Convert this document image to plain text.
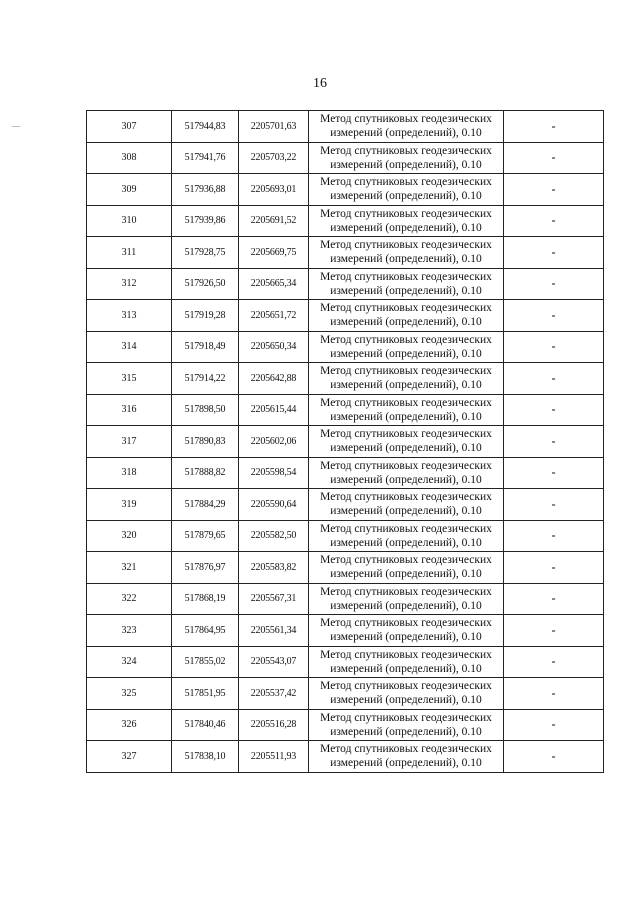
16
307	517944,83	2205701,63	Метод спутниковых геодезических
измерений (определений), 0.10	-
308	517941,76	2205703,22	Метод спутниковых геодезических
измерений (определений), 0.10	-
309	517936,88	2205693,01	Метод спутниковых геодезических
измерений (определений), 0.10	-
310	517939,86	2205691,52	Метод спутниковых геодезических
измерений (определений), 0.10	-
311	517928,75	2205669,75	Метод спутниковых геодезических
измерений (определений), 0.10	-
312	517926,50	2205665,34	Метод спутниковых геодезических
измерений (определений), 0.10	-
313	517919,28	2205651,72	Метод спутниковых геодезических
измерений (определений), 0.10	-
314	517918,49	2205650,34	Метод спутниковых геодезических
измерений (определений), 0.10	-
315	517914,22	2205642,88	Метод спутниковых геодезических
измерений (определений), 0.10	-
316	517898,50	2205615,44	Метод спутниковых геодезических
измерений (определений), 0.10	-
317	517890,83	2205602,06	Метод спутниковых геодезических
измерений (определений), 0.10	-
318	517888,82	2205598,54	Метод спутниковых геодезических
измерений (определений), 0.10	-
319	517884,29	2205590,64	Метод спутниковых геодезических
измерений (определений), 0.10	-
320	517879,65	2205582,50	Метод спутниковых геодезических
измерений (определений), 0.10	-
321	517876,97	2205583,82	Метод спутниковых геодезических
измерений (определений), 0.10	-
322	517868,19	2205567,31	Метод спутниковых геодезических
измерений (определений), 0.10	-
323	517864,95	2205561,34	Метод спутниковых геодезических
измерений (определений), 0.10	-
324	517855,02	2205543,07	Метод спутниковых геодезических
измерений (определений), 0.10	-
325	517851,95	2205537,42	Метод спутниковых геодезических
измерений (определений), 0.10	-
326	517840,46	2205516,28	Метод спутниковых геодезических
измерений (определений), 0.10	-
327	517838,10	2205511,93	Метод спутниковых геодезических
измерений (определений), 0.10	-
